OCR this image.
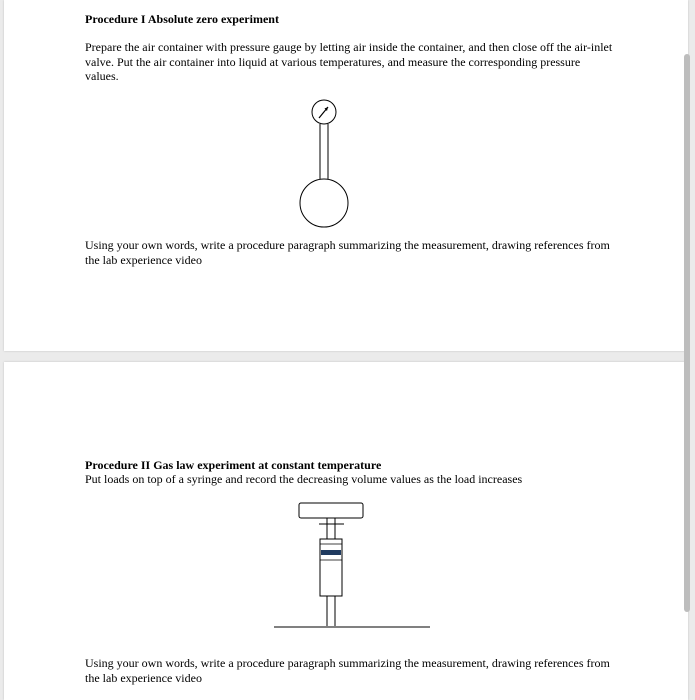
Procedure I Absolute zero experiment

Prepare the air container with pressure gauge by letting air inside the container, and then close off the air-inlet valve. Put the air container into liquid at various temperatures, and measure the corresponding pressure values.

Using your own words, write a procedure paragraph summarizing the measurement, drawing references from the lab experience video

Procedure II Gas law experiment at constant temperature

Put loads on top of a syringe and record the decreasing volume values as the load increases

Using your own words, write a procedure paragraph summarizing the measurement, drawing references from the lab experience video
